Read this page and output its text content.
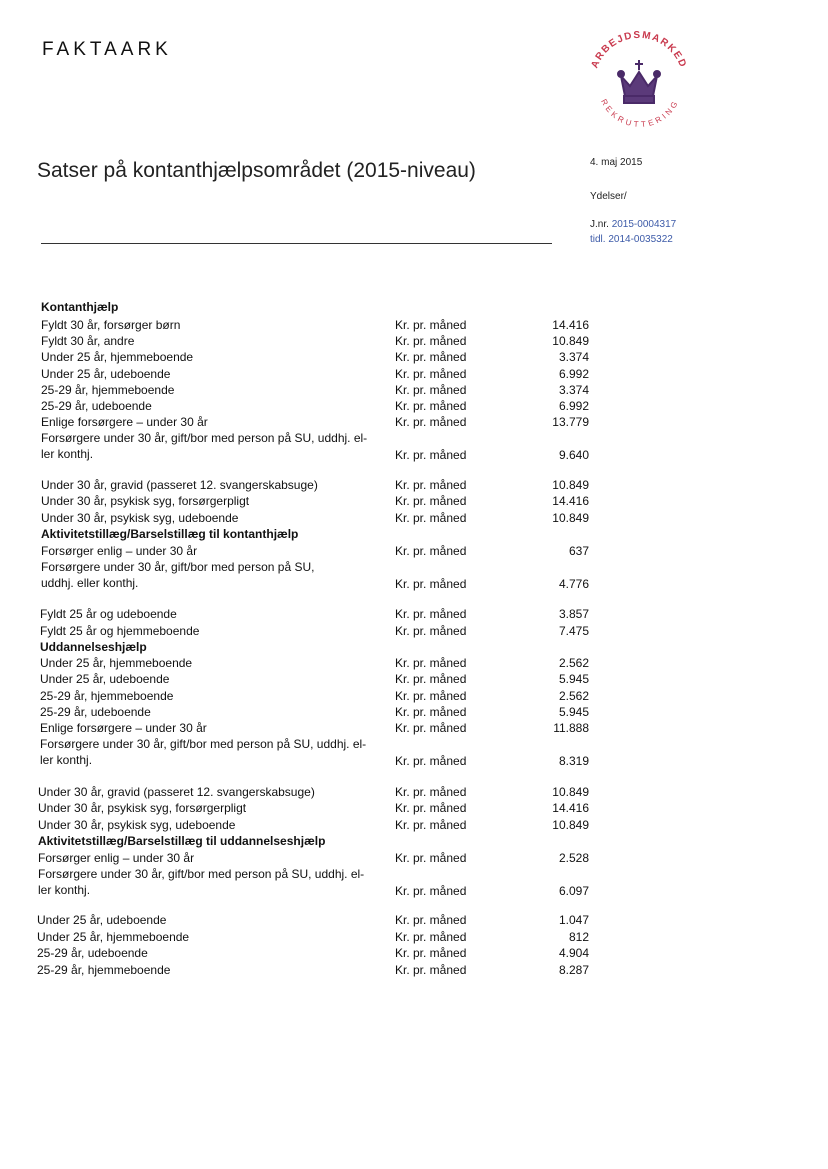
FAKTAARK
ARBEJDSMARKED
REKRUTTERING
Satser på kontanthjælpsområdet (2015-niveau)	4. maj 2015
Ydelser/
J.nr. 2015-0004317
tidl. 2014-0035322
Kontanthjælp
Fyldt 30 år, forsørger børn	Kr. pr. måned	14.416
Fyldt 30 år, andre	Kr. pr. måned	10.849
Under 25 år, hjemmeboende	Kr. pr. måned	3.374
Under 25 år, udeboende	Kr. pr. måned	6.992
25-29 år, hjemmeboende	Kr. pr. måned	3.374
25-29 år, udeboende	Kr. pr. måned	6.992
Enlige forsørgere – under 30 år	Kr. pr. måned	13.779
Forsørgere under 30 år, gift/bor med person på SU, uddhj. el-
ler konthj.	Kr. pr. måned	9.640
Under 30 år, gravid (passeret 12. svangerskabsuge)	Kr. pr. måned	10.849
Under 30 år, psykisk syg, forsørgerpligt	Kr. pr. måned	14.416
Under 30 år, psykisk syg, udeboende	Kr. pr. måned	10.849
Aktivitetstillæg/Barselstillæg til kontanthjælp
Forsørger enlig – under 30 år	Kr. pr. måned	637
Forsørgere under 30 år, gift/bor med person på SU,
uddhj. eller konthj.	Kr. pr. måned	4.776
Fyldt 25 år og udeboende	Kr. pr. måned	3.857
Fyldt 25 år og hjemmeboende	Kr. pr. måned	7.475
Uddannelseshjælp
Under 25 år, hjemmeboende	Kr. pr. måned	2.562
Under 25 år, udeboende	Kr. pr. måned	5.945
25-29 år, hjemmeboende	Kr. pr. måned	2.562
25-29 år, udeboende	Kr. pr. måned	5.945
Enlige forsørgere – under 30 år	Kr. pr. måned	11.888
Forsørgere under 30 år, gift/bor med person på SU, uddhj. el-
ler konthj.	Kr. pr. måned	8.319
Under 30 år, gravid (passeret 12. svangerskabsuge)	Kr. pr. måned	10.849
Under 30 år, psykisk syg, forsørgerpligt	Kr. pr. måned	14.416
Under 30 år, psykisk syg, udeboende	Kr. pr. måned	10.849
Aktivitetstillæg/Barselstillæg til uddannelseshjælp
Forsørger enlig – under 30 år	Kr. pr. måned	2.528
Forsørgere under 30 år, gift/bor med person på SU, uddhj. el-
ler konthj.	Kr. pr. måned	6.097
Under 25 år, udeboende	Kr. pr. måned	1.047
Under 25 år, hjemmeboende	Kr. pr. måned	812
25-29 år, udeboende	Kr. pr. måned	4.904
25-29 år, hjemmeboende	Kr. pr. måned	8.287
